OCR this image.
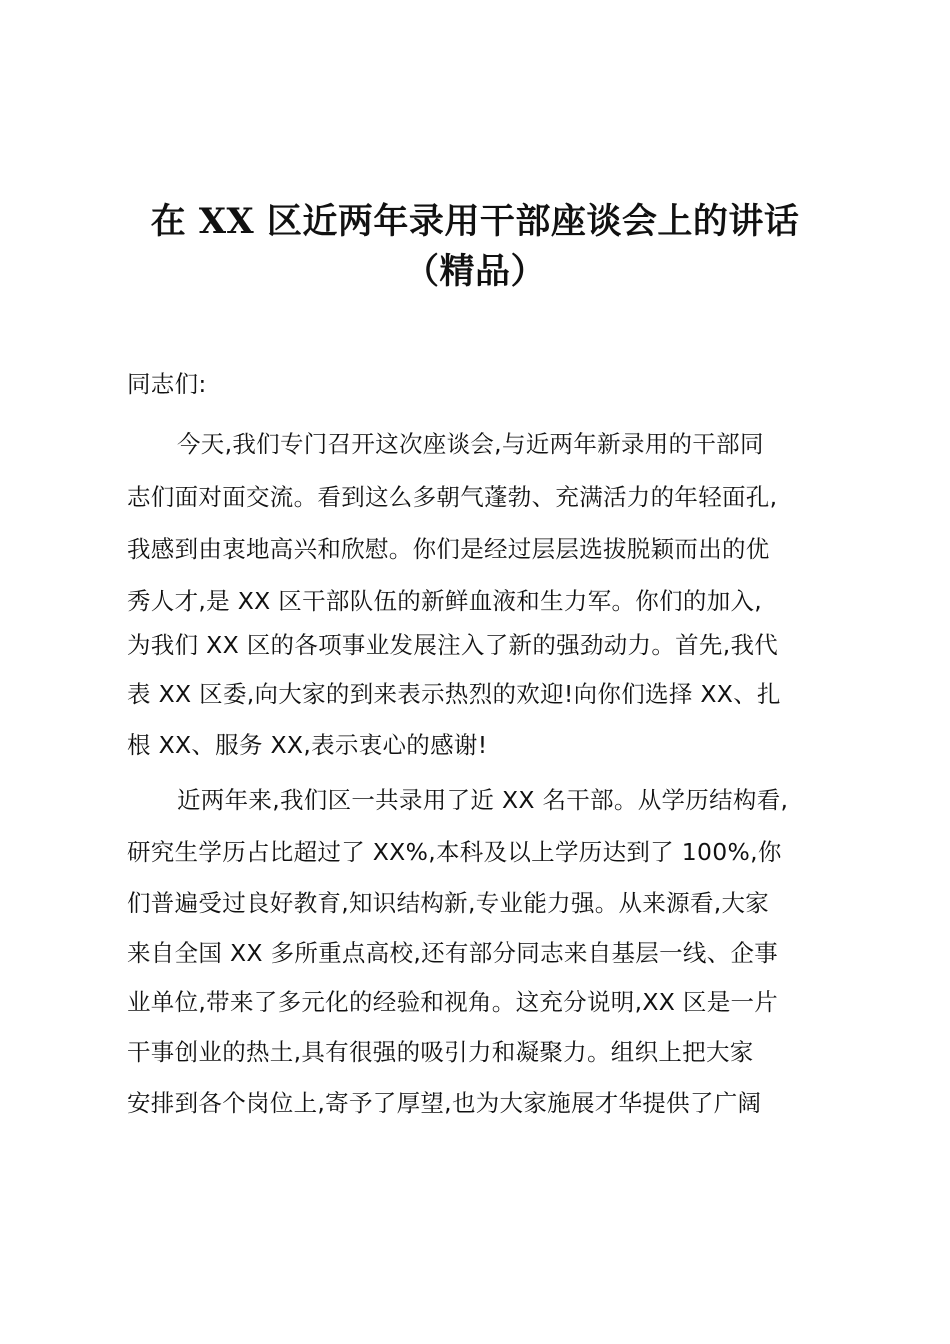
在 XX 区近两年录用干部座谈会上的讲话
（精品）
同志们:
今天,我们专门召开这次座谈会,与近两年新录用的干部同
志们面对面交流。看到这么多朝气蓬勃、充满活力的年轻面孔,
我感到由衷地高兴和欣慰。你们是经过层层选拔脱颖而出的优
秀人才,是 XX 区干部队伍的新鲜血液和生力军。你们的加入,
为我们 XX 区的各项事业发展注入了新的强劲动力。首先,我代
表 XX 区委,向大家的到来表示热烈的欢迎!向你们选择 XX、扎
根 XX、服务 XX,表示衷心的感谢!
近两年来,我们区一共录用了近 XX 名干部。从学历结构看,
研究生学历占比超过了 XX%,本科及以上学历达到了 100%,你
们普遍受过良好教育,知识结构新,专业能力强。从来源看,大家
来自全国 XX 多所重点高校,还有部分同志来自基层一线、企事
业单位,带来了多元化的经验和视角。这充分说明,XX 区是一片
干事创业的热土,具有很强的吸引力和凝聚力。组织上把大家
安排到各个岗位上,寄予了厚望,也为大家施展才华提供了广阔
